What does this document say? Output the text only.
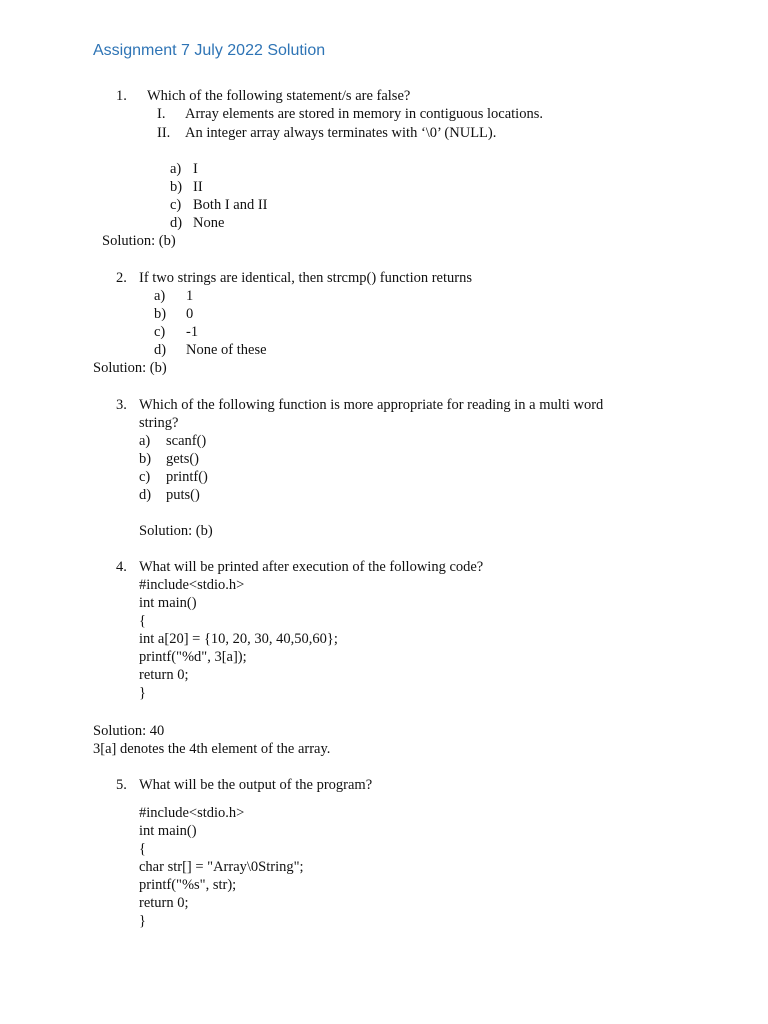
Assignment 7 July 2022 Solution
1. Which of the following statement/s are false?
I. Array elements are stored in memory in contiguous locations.
II. An integer array always terminates with ‘\0’ (NULL).
a) I
b) II
c) Both I and II
d) None
Solution: (b)
2. If two strings are identical, then strcmp() function returns
a) 1
b) 0
c) -1
d) None of these
Solution: (b)
3. Which of the following function is more appropriate for reading in a multi word
string?
a) scanf()
b) gets()
c) printf()
d) puts()
Solution: (b)
4. What will be printed after execution of the following code?
#include<stdio.h>
int main()
{
int a[20] = {10, 20, 30, 40,50,60};
printf("%d", 3[a]);
return 0;
}
Solution: 40
3[a] denotes the 4th element of the array.
5. What will be the output of the program?
#include<stdio.h>
int main()
{
char str[] = "Array\0String";
printf("%s", str);
return 0;
}
